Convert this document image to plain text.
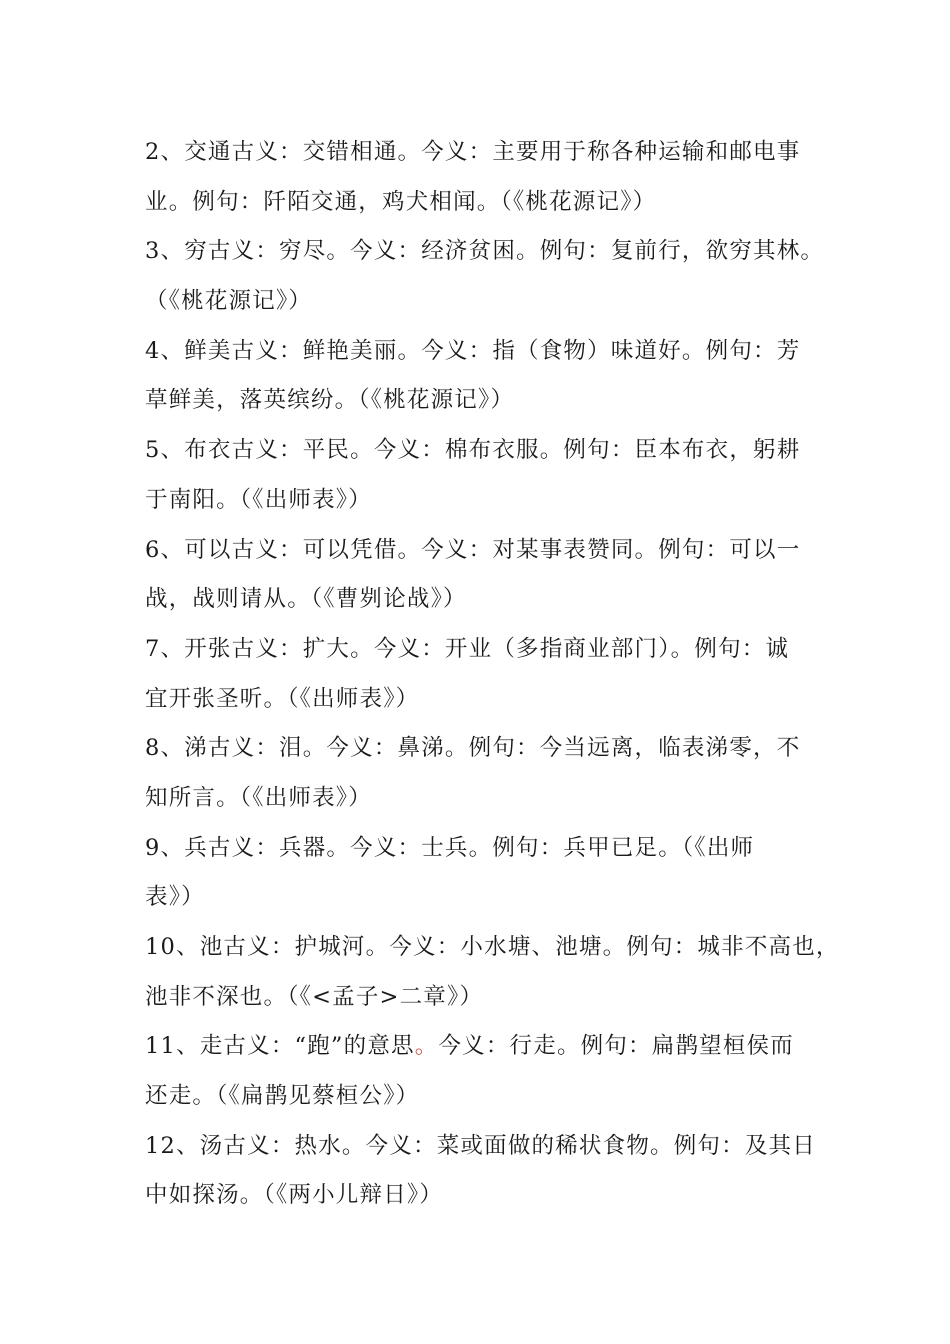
2、交通古义：交错相通。今义：主要用于称各种运输和邮电事
业。例句：阡陌交通，鸡犬相闻。（《桃花源记》）
3、穷古义：穷尽。今义：经济贫困。例句：复前行，欲穷其林。
（《桃花源记》）
4、鲜美古义：鲜艳美丽。今义：指（食物）味道好。例句：芳
草鲜美，落英缤纷。（《桃花源记》）
5、布衣古义：平民。今义：棉布衣服。例句：臣本布衣，躬耕
于南阳。（《出师表》）
6、可以古义：可以凭借。今义：对某事表赞同。例句：可以一
战，战则请从。（《曹刿论战》）
7、开张古义：扩大。今义：开业（多指商业部门）。例句：诚
宜开张圣听。（《出师表》）
8、涕古义：泪。今义：鼻涕。例句：今当远离，临表涕零，不
知所言。（《出师表》）
9、兵古义：兵器。今义：士兵。例句：兵甲已足。（《出师
表》）
10、池古义：护城河。今义：小水塘、池塘。例句：城非不高也，
池非不深也。（《<孟子>二章》）
11、走古义：“跑”的意思。今义：行走。例句：扁鹊望桓侯而
还走。（《扁鹊见蔡桓公》）
12、汤古义：热水。今义：菜或面做的稀状食物。例句：及其日
中如探汤。（《两小儿辩日》）
